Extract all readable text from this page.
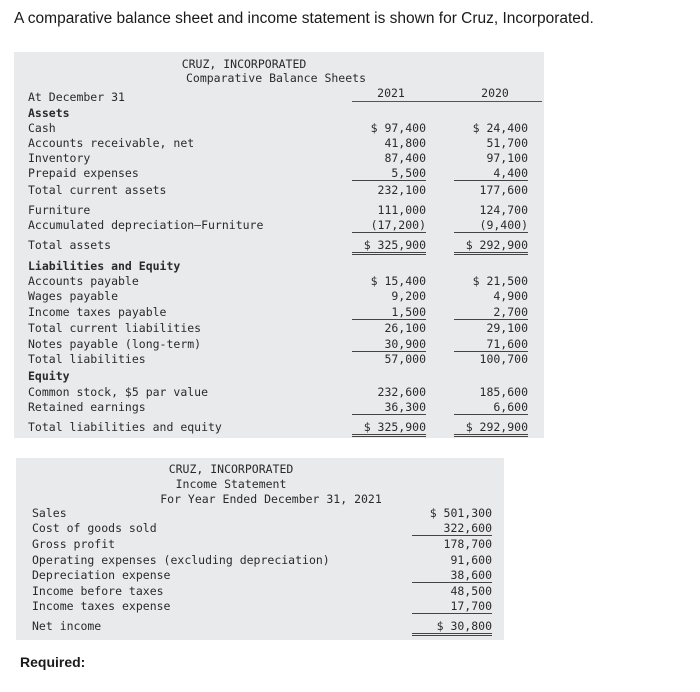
A comparative balance sheet and income statement is shown for Cruz, Incorporated.
CRUZ, INCORPORATED
Comparative Balance Sheets
At December 31	2021	2020
Assets
Cash	$ 97,400	$ 24,400
Accounts receivable, net	41,800	51,700
Inventory	87,400	97,100
Prepaid expenses	5,500	4,400
Total current assets	232,100	177,600
Furniture	111,000	124,700
Accumulated depreciation—Furniture	(17,200)	(9,400)
Total assets	$ 325,900	$ 292,900
Liabilities and Equity
Accounts payable	$ 15,400	$ 21,500
Wages payable	9,200	4,900
Income taxes payable	1,500	2,700
Total current liabilities	26,100	29,100
Notes payable (long-term)	30,900	71,600
Total liabilities	57,000	100,700
Equity
Common stock, $5 par value	232,600	185,600
Retained earnings	36,300	6,600
Total liabilities and equity	$ 325,900	$ 292,900
CRUZ, INCORPORATED
Income Statement
For Year Ended December 31, 2021
Sales	$ 501,300
Cost of goods sold	322,600
Gross profit	178,700
Operating expenses (excluding depreciation)	91,600
Depreciation expense	38,600
Income before taxes	48,500
Income taxes expense	17,700
Net income	$ 30,800
Required:
